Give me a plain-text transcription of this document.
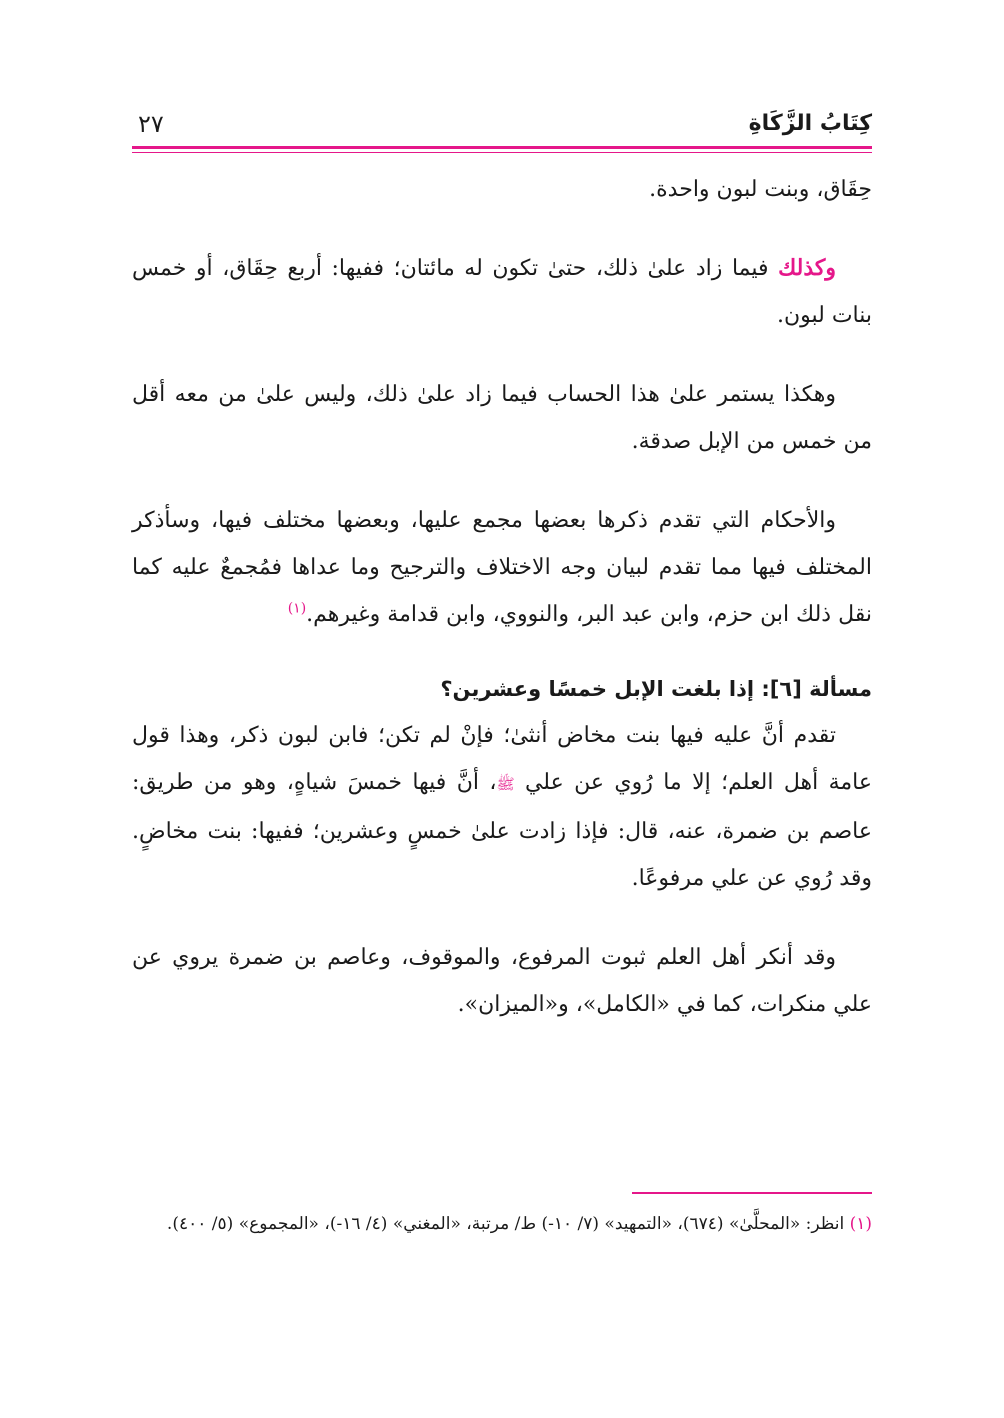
كِتَابُ الزَّكَاةِ
٢٧

حِقَاق، وبنت لبون واحدة.

وكذلك فيما زاد علىٰ ذلك، حتىٰ تكون له مائتان؛ ففيها: أربع حِقَاق، أو خمس بنات لبون.

وهكذا يستمر علىٰ هذا الحساب فيما زاد علىٰ ذلك، وليس علىٰ من معه أقل من خمس من الإبل صدقة.

والأحكام التي تقدم ذكرها بعضها مجمع عليها، وبعضها مختلف فيها، وسأذكر المختلف فيها مما تقدم لبيان وجه الاختلاف والترجيح وما عداها فمُجمعٌ عليه كما نقل ذلك ابن حزم، وابن عبد البر، والنووي، وابن قدامة وغيرهم.$^{(١)}$

مسألة [٦]: إذا بلغت الإبل خمسًا وعشرين؟

تقدم أنَّ عليه فيها بنت مخاض أنثىٰ؛ فإنْ لم تكن؛ فابن لبون ذكر، وهذا قول عامة أهل العلم؛ إلا ما رُوي عن علي ﷺ، أنَّ فيها خمسَ شياهٍ، وهو من طريق: عاصم بن ضمرة، عنه، قال: فإذا زادت علىٰ خمسٍ وعشرين؛ ففيها: بنت مخاضٍ. وقد رُوي عن علي مرفوعًا.

وقد أنكر أهل العلم ثبوت المرفوع، والموقوف، وعاصم بن ضمرة يروي عن علي منكرات، كما في «الكامل»، و«الميزان».

(١) انظر: «المحلَّىٰ» (٦٧٤)، «التمهيد» (٧/ ١٠-) ط/ مرتبة، «المغني» (٤/ ١٦-)، «المجموع» (٥/ ٤٠٠).
